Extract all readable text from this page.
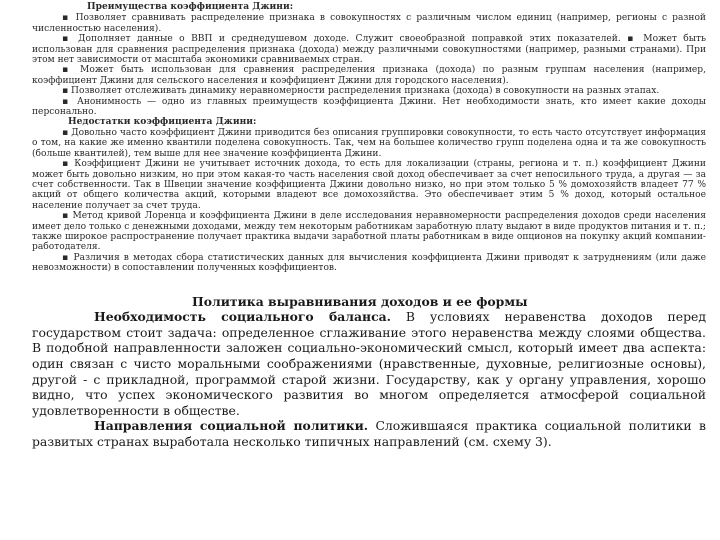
Преимущества коэффициента Джини:

▪ Позволяет сравнивать распределение признака в совокупностях с различным числом единиц (например, регионы с разной численностью населения).

▪ Дополняет данные о ВВП и среднедушевом доходе. Служит своеобразной поправкой этих показателей. ▪ Может быть использован для сравнения распределения признака (дохода) между различными совокупностями (например, разными странами). При этом нет зависимости от масштаба экономики сравниваемых стран.

▪ Может быть использован для сравнения распределения признака (дохода) по разным группам населения (например, коэффициент Джини для сельского населения и коэффициент Джини для городского населения).

▪ Позволяет отслеживать динамику неравномерности распределения признака (дохода) в совокупности на разных этапах.

▪ Анонимность — одно из главных преимуществ коэффициента Джини. Нет необходимости знать, кто имеет какие доходы персонально.

Недостатки коэффициента Джини:

▪ Довольно часто коэффициент Джини приводится без описания группировки совокупности, то есть часто отсутствует информация о том, на какие же именно квантили поделена совокупность. Так, чем на большее количество групп поделена одна и та же совокупность (больше квантилей), тем выше для нее значение коэффициента Джини.

▪ Коэффициент Джини не учитывает источник дохода, то есть для локализации (страны, региона и т. п.) коэффициент Джини может быть довольно низким, но при этом какая-то часть населения свой доход обеспечивает за счет непосильного труда, а другая — за счет собственности. Так в Швеции значение коэффициента Джини довольно низко, но при этом только 5 % домохозяйств владеет 77 % акций от общего количества акций, которыми владеют все домохозяйства. Это обеспечивает этим 5 % доход, который остальное население получает за счет труда.

▪ Метод кривой Лоренца и коэффициента Джини в деле исследования неравномерности распределения доходов среди населения имеет дело только с денежными доходами, между тем некоторым работникам заработную плату выдают в виде продуктов питания и т. п.; также широкое распространение получает практика выдачи заработной платы работникам в виде опционов на покупку акций компании-работодателя.

▪ Различия в методах сбора статистических данных для вычисления коэффициента Джини приводят к затруднениям (или даже невозможности) в сопоставлении полученных коэффициентов.

Политика выравнивания доходов и ее формы

Необходимость социального баланса. В условиях неравенства доходов перед государством стоит задача: определенное сглаживание этого неравенства между слоями общества. В подобной направленности заложен социально-экономический смысл, который имеет два аспекта: один связан с чисто моральными соображениями (нравственные, духовные, религиозные основы), другой - с прикладной, программой старой жизни. Государству, как у органу управления, хорошо видно, что успех экономического развития во многом определяется атмосферой социальной удовлетворенности в обществе.

Направления социальной политики. Сложившаяся практика социальной политики в развитых странах выработала несколько типичных направлений (см. схему 3).
